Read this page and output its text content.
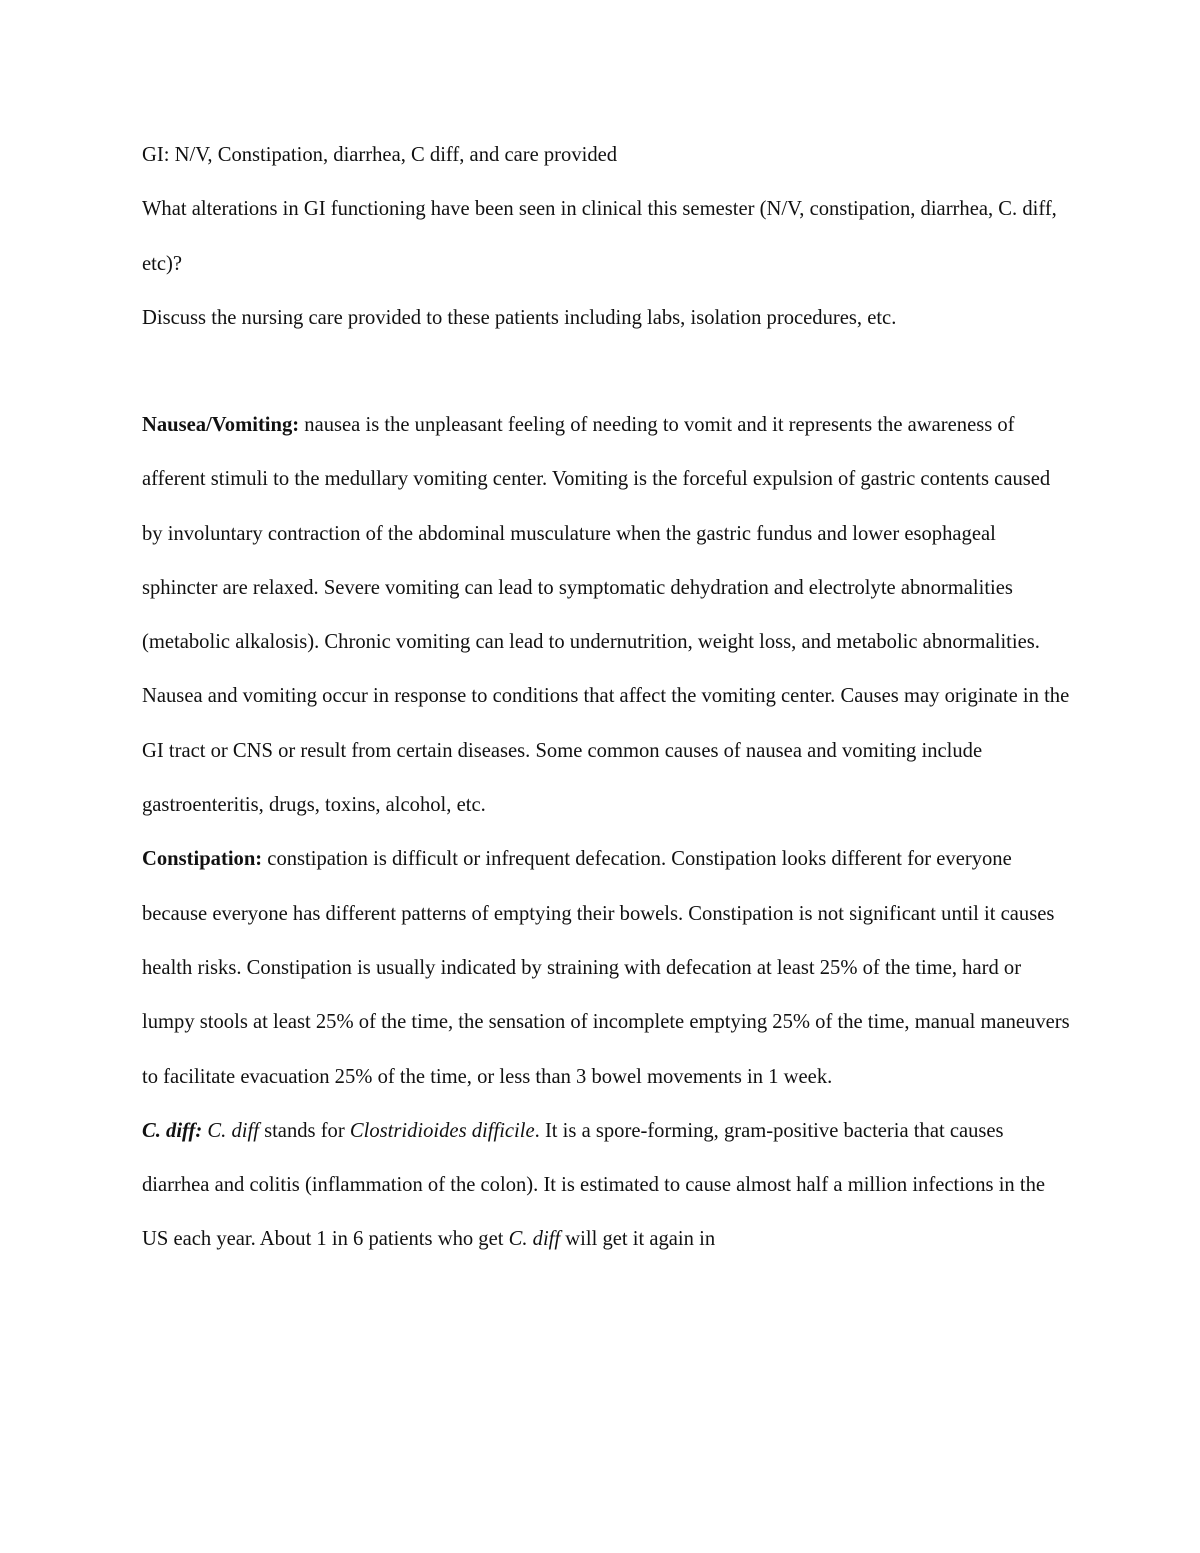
GI: N/V, Constipation, diarrhea, C diff, and care provided

What alterations in GI functioning have been seen in clinical this semester (N/V, constipation, diarrhea, C. diff, etc)?

Discuss the nursing care provided to these patients including labs, isolation procedures, etc.

Nausea/Vomiting: nausea is the unpleasant feeling of needing to vomit and it represents the awareness of afferent stimuli to the medullary vomiting center. Vomiting is the forceful expulsion of gastric contents caused by involuntary contraction of the abdominal musculature when the gastric fundus and lower esophageal sphincter are relaxed. Severe vomiting can lead to symptomatic dehydration and electrolyte abnormalities (metabolic alkalosis). Chronic vomiting can lead to undernutrition, weight loss, and metabolic abnormalities. Nausea and vomiting occur in response to conditions that affect the vomiting center. Causes may originate in the GI tract or CNS or result from certain diseases. Some common causes of nausea and vomiting include gastroenteritis, drugs, toxins, alcohol, etc.

Constipation: constipation is difficult or infrequent defecation. Constipation looks different for everyone because everyone has different patterns of emptying their bowels. Constipation is not significant until it causes health risks. Constipation is usually indicated by straining with defecation at least 25% of the time, hard or lumpy stools at least 25% of the time, the sensation of incomplete emptying 25% of the time, manual maneuvers to facilitate evacuation 25% of the time, or less than 3 bowel movements in 1 week.

C. diff: C. diff stands for Clostridioides difficile. It is a spore-forming, gram-positive bacteria that causes diarrhea and colitis (inflammation of the colon). It is estimated to cause almost half a million infections in the US each year. About 1 in 6 patients who get C. diff will get it again in
